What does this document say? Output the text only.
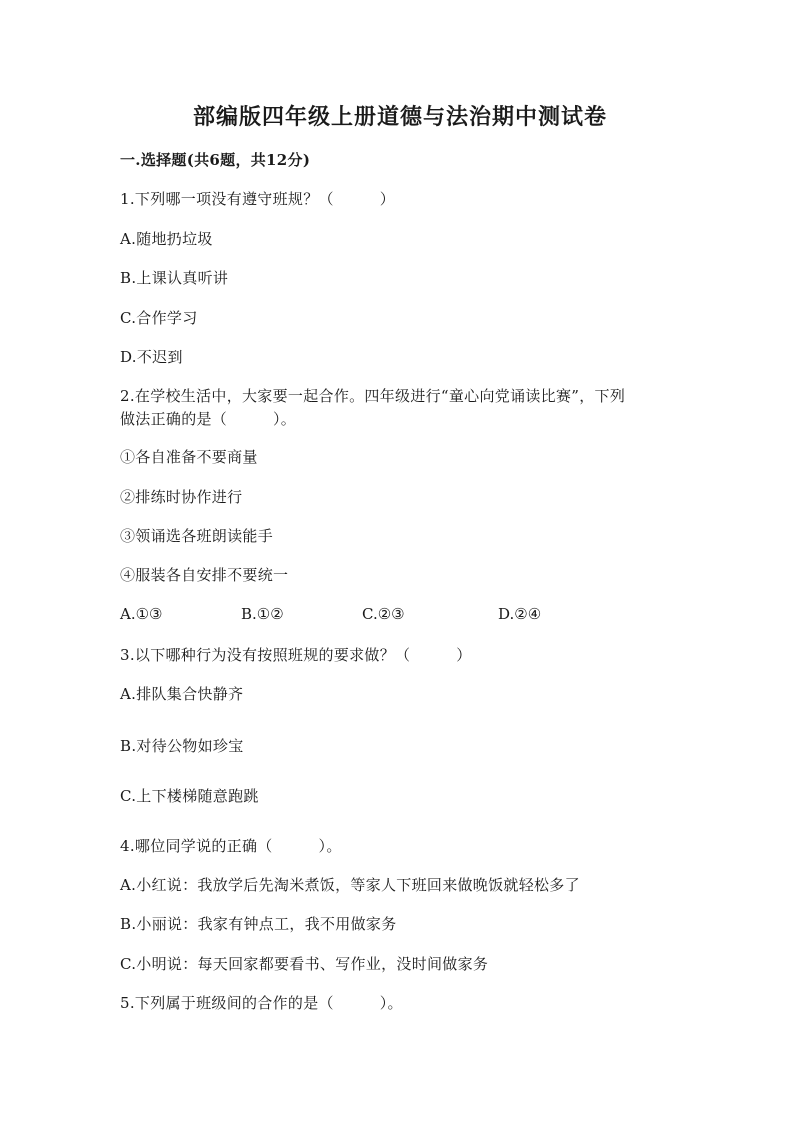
部编版四年级上册道德与法治期中测试卷
一.选择题(共6题，共12分)
1.下列哪一项没有遵守班规？（　　　）
A.随地扔垃圾
B.上课认真听讲
C.合作学习
D.不迟到
2.在学校生活中，大家要一起合作。四年级进行“童心向党诵读比赛”，下列
做法正确的是（　　　）。
①各自准备不要商量
②排练时协作进行
③领诵选各班朗读能手
④服装各自安排不要统一
A.①③	B.①②	C.②③	D.②④
3.以下哪种行为没有按照班规的要求做？（　　　）
A.排队集合快静齐
B.对待公物如珍宝
C.上下楼梯随意跑跳
4.哪位同学说的正确（　　　）。
A.小红说：我放学后先淘米煮饭，等家人下班回来做晚饭就轻松多了
B.小丽说：我家有钟点工，我不用做家务
C.小明说：每天回家都要看书、写作业，没时间做家务
5.下列属于班级间的合作的是（　　　）。
